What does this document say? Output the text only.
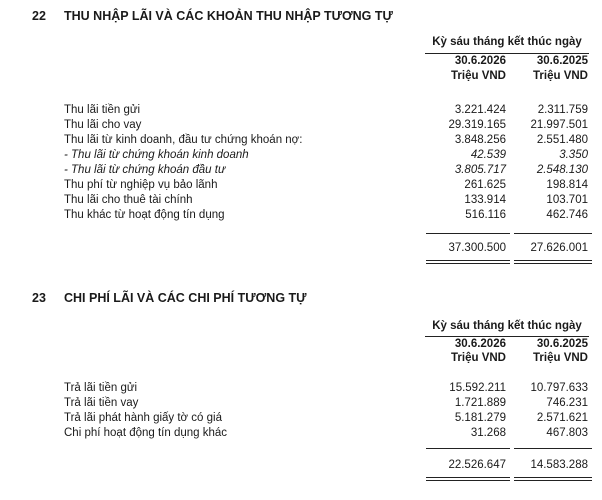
22 THU NHẬP LÃI VÀ CÁC KHOẢN THU NHẬP TƯƠNG TỰ
Kỳ sáu tháng kết thúc ngày
30.6.2026	30.6.2025
Triệu VND	Triệu VND
Thu lãi tiền gửi	3.221.424	2.311.759
Thu lãi cho vay	29.319.165	21.997.501
Thu lãi từ kinh doanh, đầu tư chứng khoán nợ:	3.848.256	2.551.480
- Thu lãi từ chứng khoán kinh doanh	42.539	3.350
- Thu lãi từ chứng khoán đầu tư	3.805.717	2.548.130
Thu phí từ nghiệp vụ bảo lãnh	261.625	198.814
Thu lãi cho thuê tài chính	133.914	103.701
Thu khác từ hoạt động tín dụng	516.116	462.746
37.300.500	27.626.001
23 CHI PHÍ LÃI VÀ CÁC CHI PHÍ TƯƠNG TỰ
Kỳ sáu tháng kết thúc ngày
30.6.2026	30.6.2025
Triệu VND	Triệu VND
Trả lãi tiền gửi	15.592.211	10.797.633
Trả lãi tiền vay	1.721.889	746.231
Trả lãi phát hành giấy tờ có giá	5.181.279	2.571.621
Chi phí hoạt động tín dụng khác	31.268	467.803
22.526.647	14.583.288
